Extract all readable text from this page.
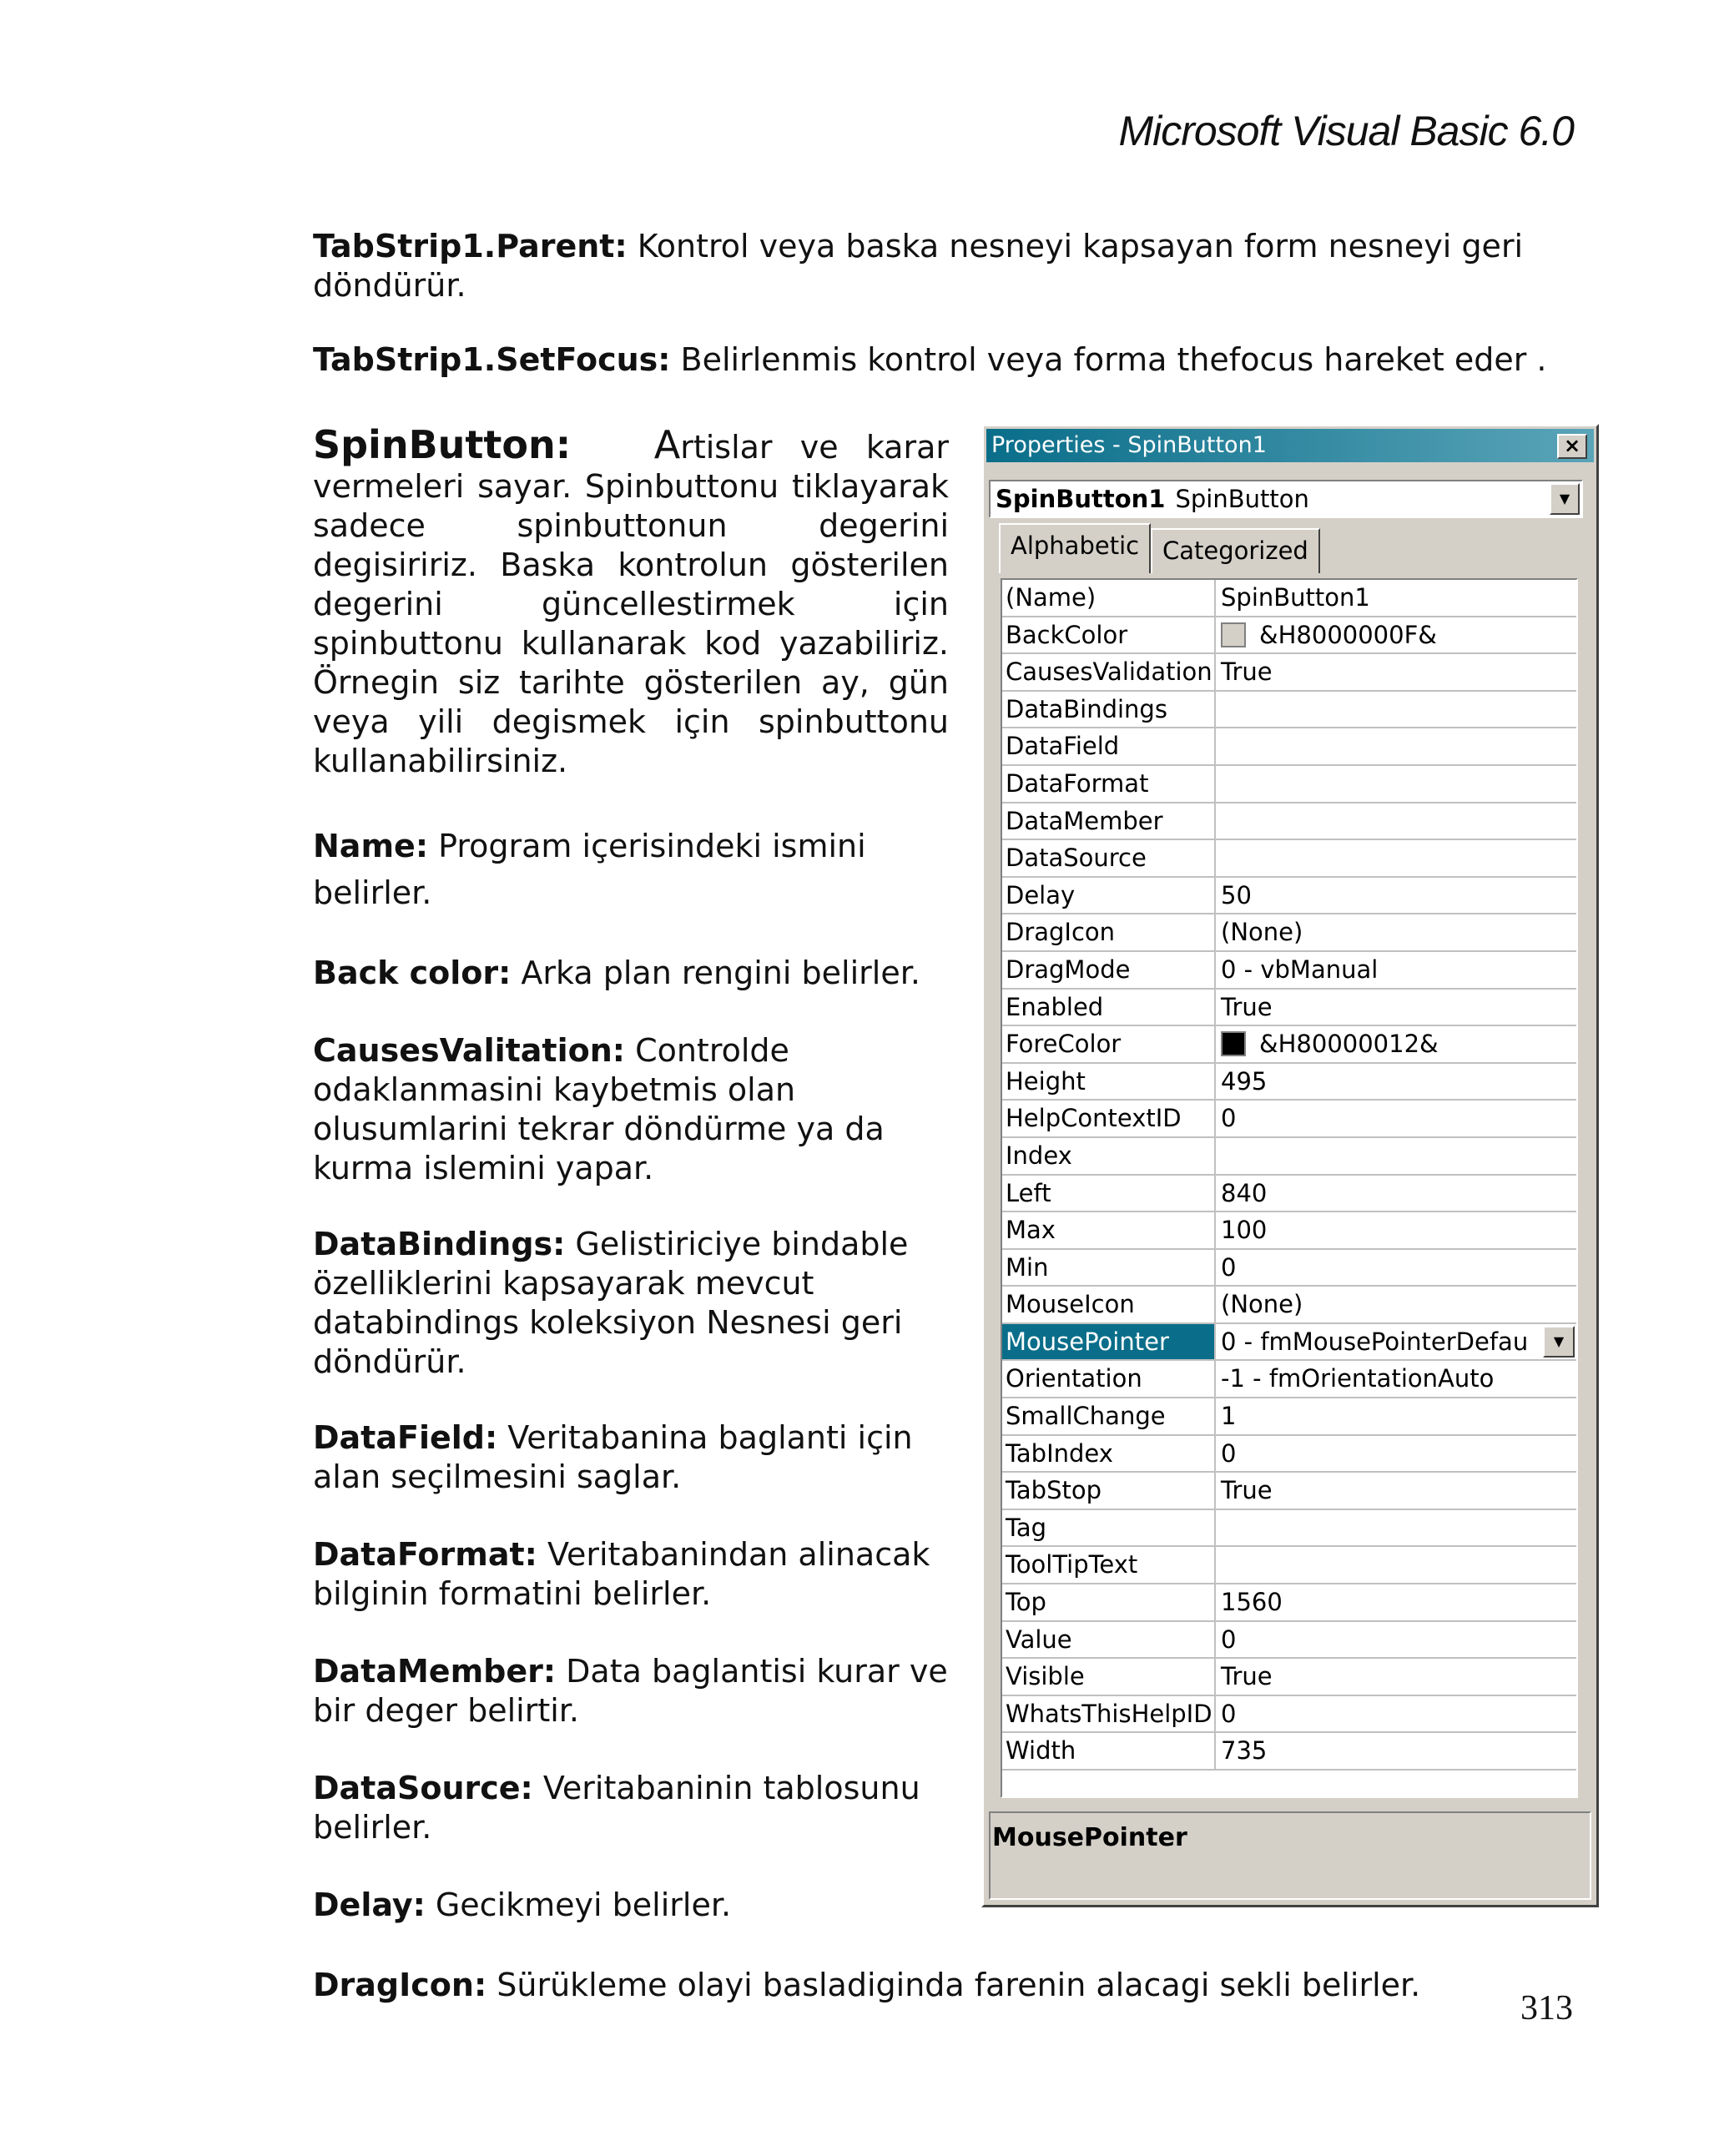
Microsoft Visual Basic 6.0

TabStrip1.Parent: Kontrol veya baska nesneyi kapsayan form nesneyi geri döndürür.

TabStrip1.SetFocus: Belirlenmis kontrol veya forma thefocus hareket eder .

SpinButton: Artislar ve karar vermeleri sayar. Spinbuttonu tiklayarak sadece spinbuttonun degerini degisiririz. Baska kontrolun gösterilen degerini güncellestirmek için spinbuttonu kullanarak kod yazabiliriz. Örnegin siz tarihte gösterilen ay, gün veya yili degismek için spinbuttonu kullanabilirsiniz.

Name: Program içerisindeki ismini belirler.

Back color: Arka plan rengini belirler.

CausesValitation: Controlde odaklanmasini kaybetmis olan olusumlarini tekrar döndürme ya da kurma islemini yapar.

DataBindings: Gelistiriciye bindable özelliklerini kapsayarak mevcut databindings koleksiyon Nesnesi geri döndürür.

DataField: Veritabanina baglanti için alan seçilmesini saglar.

DataFormat: Veritabanindan alinacak bilginin formatini belirler.

DataMember: Data baglantisi kurar ve bir deger belirtir.

DataSource: Veritabaninin tablosunu belirler.

Delay: Gecikmeyi belirler.

DragIcon: Sürükleme olayi basladiginda farenin alacagi sekli belirler.

313
Properties - SpinButton1	×
SpinButton1 SpinButton	▼
Alphabetic Categorized
(Name)	SpinButton1
BackColor	&H8000000F&
CausesValidation True
DataBindings
DataField
DataFormat
DataMember
DataSource
Delay	50
DragIcon	(None)
DragMode	0 - vbManual
Enabled	True
ForeColor	&H80000012&
Height	495
HelpContextID	0
Index
Left	840
Max	100
Min	0
MouseIcon	(None)
MousePointer	0 - fmMousePointerDefau	▼
Orientation	-1 - fmOrientationAuto
SmallChange	1
TabIndex	0
TabStop	True
Tag
ToolTipText
Top	1560
Value	0
Visible	True
WhatsThisHelpID 0
Width	735
MousePointer
